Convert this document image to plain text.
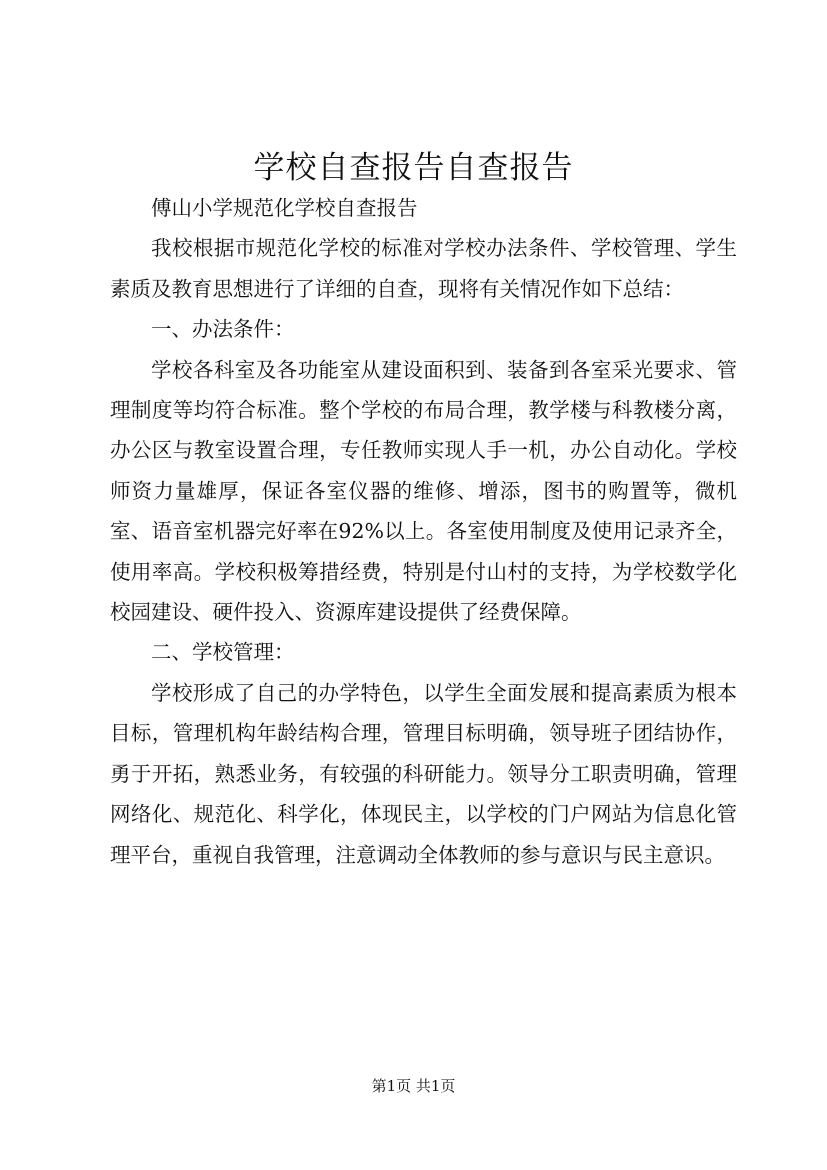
学校自查报告自查报告

傅山小学规范化学校自查报告

我校根据市规范化学校的标准对学校办法条件、学校管理、学生素质及教育思想进行了详细的自查，现将有关情况作如下总结：

一、办法条件：

学校各科室及各功能室从建设面积到、装备到各室采光要求、管理制度等均符合标准。整个学校的布局合理，教学楼与科教楼分离，办公区与教室设置合理，专任教师实现人手一机，办公自动化。学校师资力量雄厚，保证各室仪器的维修、增添，图书的购置等，微机室、语音室机器完好率在92%以上。各室使用制度及使用记录齐全，使用率高。学校积极筹措经费，特别是付山村的支持，为学校数学化校园建设、硬件投入、资源库建设提供了经费保障。

二、学校管理：

学校形成了自己的办学特色，以学生全面发展和提高素质为根本目标，管理机构年龄结构合理，管理目标明确，领导班子团结协作，勇于开拓，熟悉业务，有较强的科研能力。领导分工职责明确，管理网络化、规范化、科学化，体现民主，以学校的门户网站为信息化管理平台，重视自我管理，注意调动全体教师的参与意识与民主意识。

第1页 共1页
